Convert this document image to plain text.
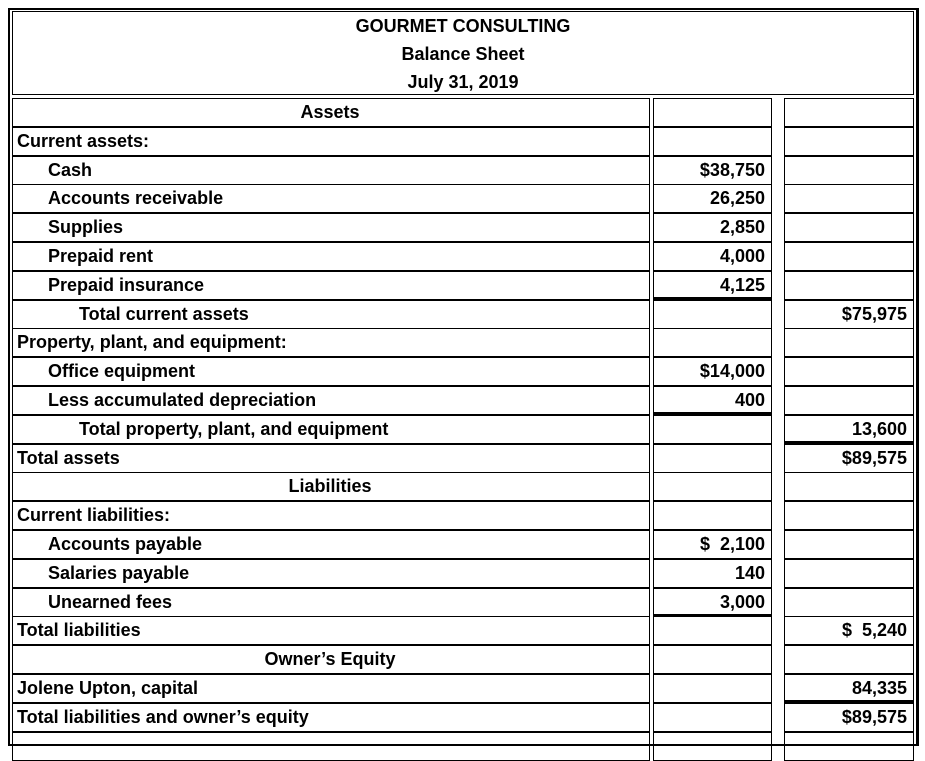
GOURMET CONSULTING
Balance Sheet
July 31, 2019
Assets
Current assets:
Cash	$38,750
Accounts receivable	26,250
Supplies	2,850
Prepaid rent	4,000
Prepaid insurance	4,125
Total current assets	$75,975
Property, plant, and equipment:
Office equipment	$14,000
Less accumulated depreciation	400
Total property, plant, and equipment	13,600
Total assets	$89,575
Liabilities
Current liabilities:
Accounts payable	$  2,100
Salaries payable	140
Unearned fees	3,000
Total liabilities	$  5,240
Owner’s Equity
Jolene Upton, capital	84,335
Total liabilities and owner’s equity	$89,575
